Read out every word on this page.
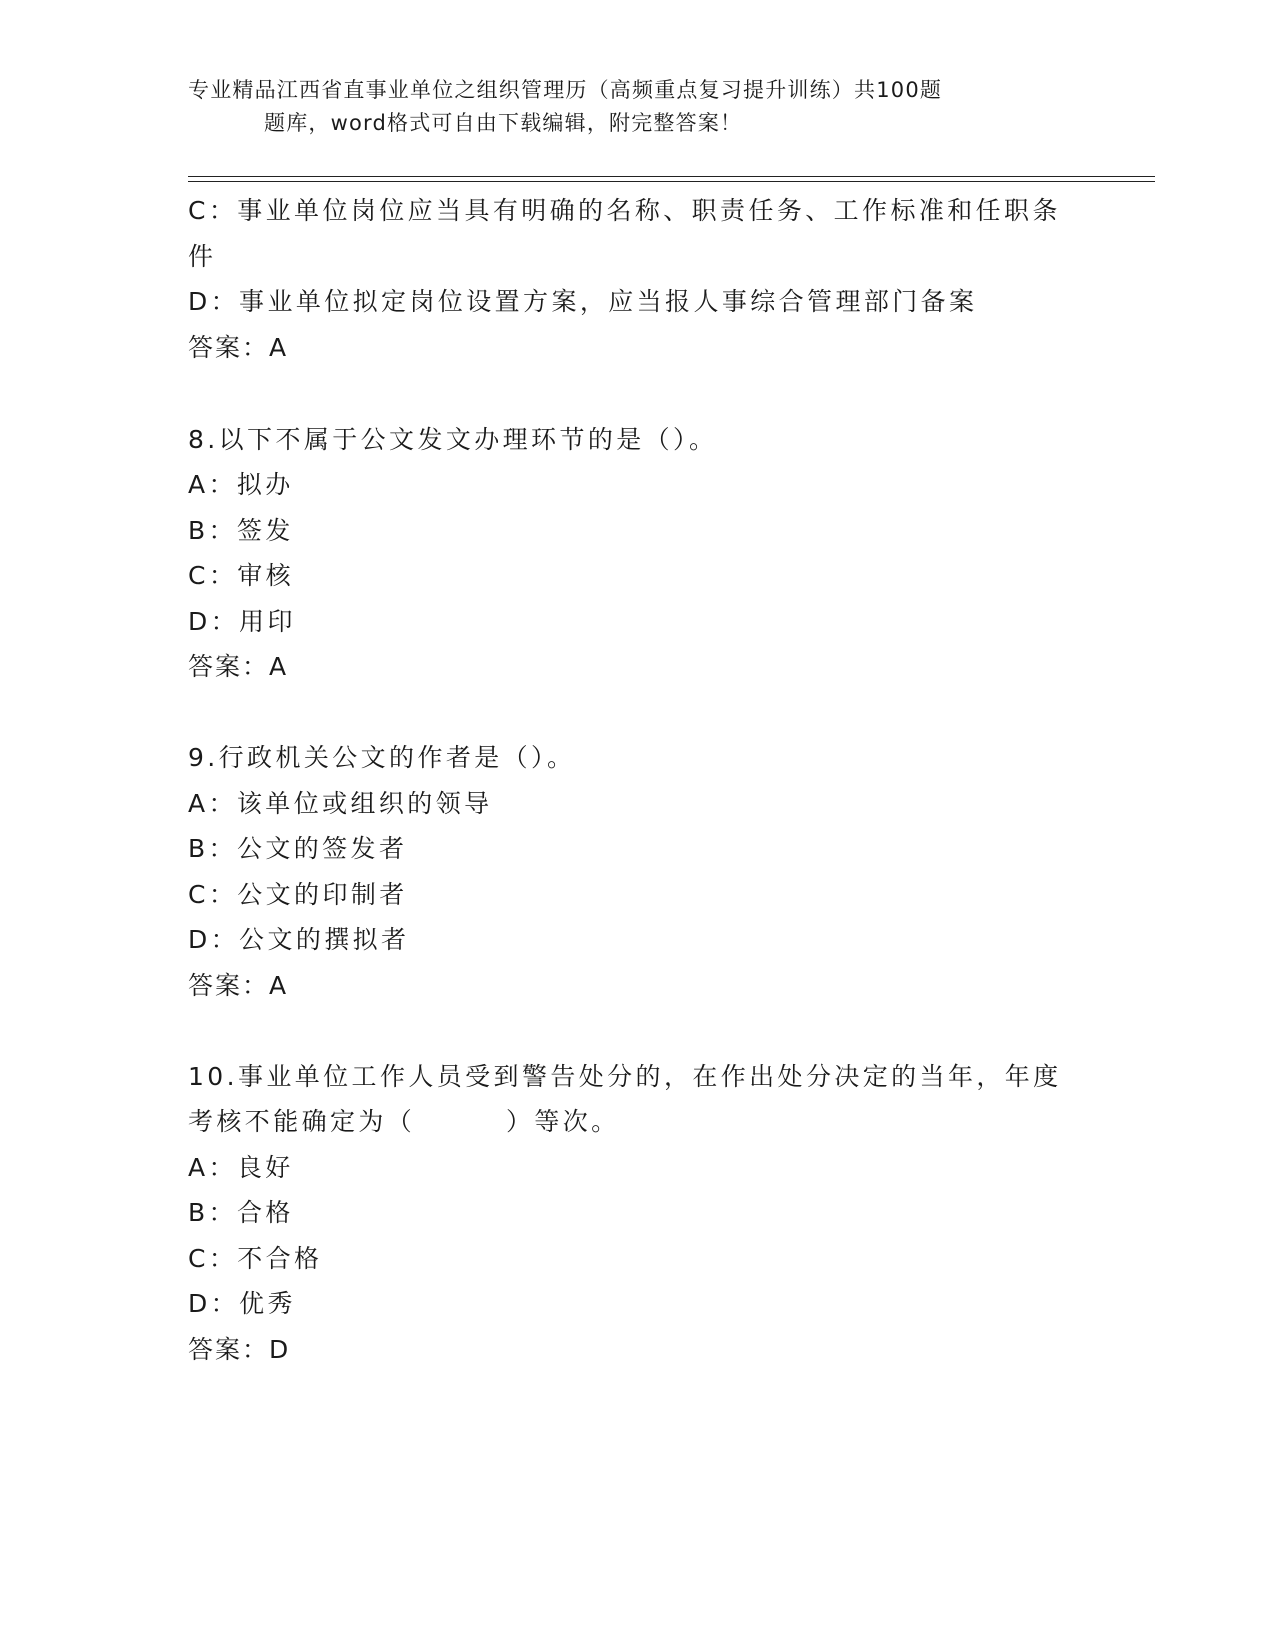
专业精品江西省直事业单位之组织管理历（高频重点复习提升训练）共100题
题库，word格式可自由下载编辑，附完整答案！
C：事业单位岗位应当具有明确的名称、职责任务、工作标准和任职条
件
D：事业单位拟定岗位设置方案，应当报人事综合管理部门备案
答案：A
8.以下不属于公文发文办理环节的是（）。
A：拟办
B：签发
C：审核
D：用印
答案：A
9.行政机关公文的作者是（）。
A：该单位或组织的领导
B：公文的签发者
C：公文的印制者
D：公文的撰拟者
答案：A
10.事业单位工作人员受到警告处分的，在作出处分决定的当年，年度
考核不能确定为（        ）等次。
A：良好
B：合格
C：不合格
D：优秀
答案：D
